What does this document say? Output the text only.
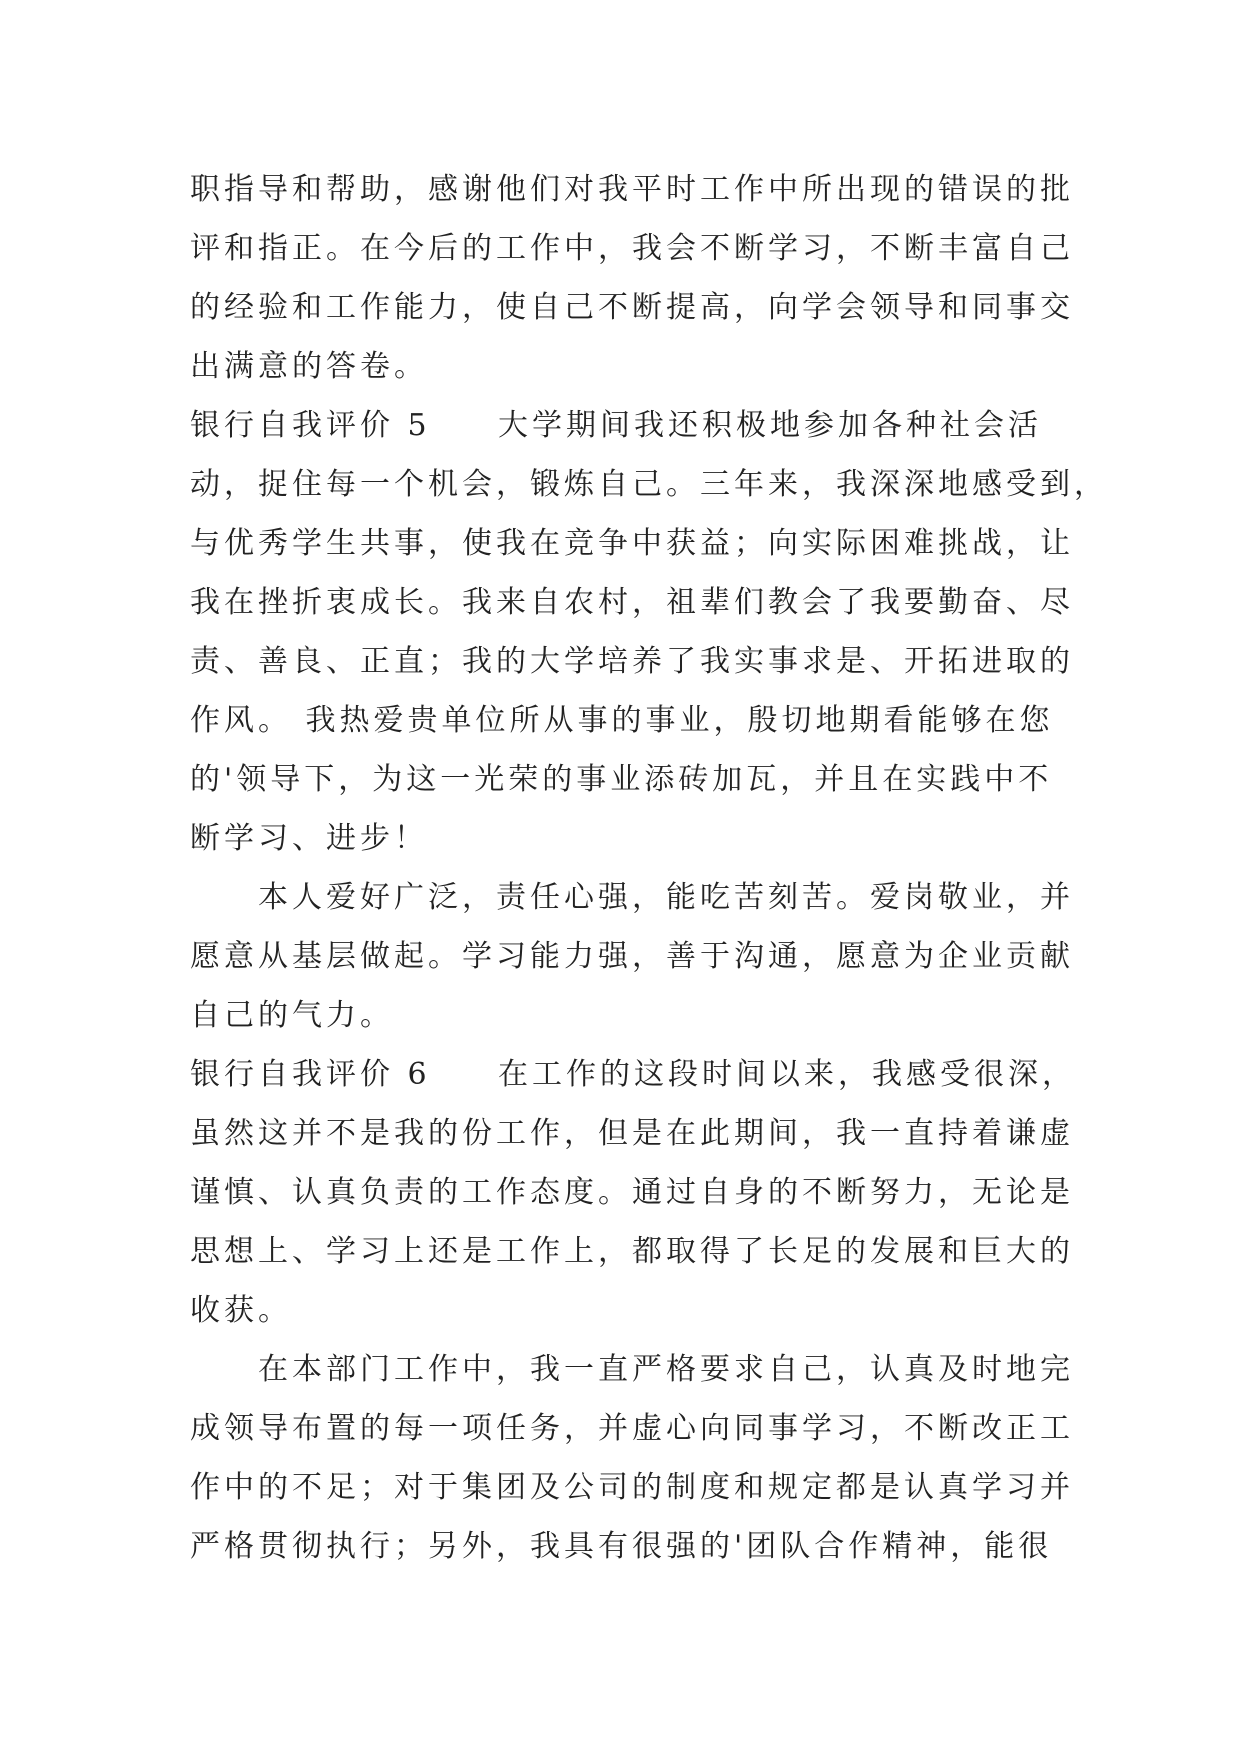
职指导和帮助，感谢他们对我平时工作中所出现的错误的批
评和指正。在今后的工作中，我会不断学习，不断丰富自己
的经验和工作能力，使自己不断提高，向学会领导和同事交
出满意的答卷。
银行自我评价 5 大学期间我还积极地参加各种社会活
动，捉住每一个机会，锻炼自己。三年来，我深深地感受到，
与优秀学生共事，使我在竞争中获益；向实际困难挑战，让
我在挫折衷成长。我来自农村，祖辈们教会了我要勤奋、尽
责、善良、正直；我的大学培养了我实事求是、开拓进取的
作风。 我热爱贵单位所从事的事业，殷切地期看能够在您
的'领导下，为这一光荣的事业添砖加瓦，并且在实践中不
断学习、进步！
　　本人爱好广泛，责任心强，能吃苦刻苦。爱岗敬业，并
愿意从基层做起。学习能力强，善于沟通，愿意为企业贡献
自己的气力。
银行自我评价 6 在工作的这段时间以来，我感受很深，
虽然这并不是我的份工作，但是在此期间，我一直持着谦虚
谨慎、认真负责的工作态度。通过自身的不断努力，无论是
思想上、学习上还是工作上，都取得了长足的发展和巨大的
收获。
　　在本部门工作中，我一直严格要求自己，认真及时地完
成领导布置的每一项任务，并虚心向同事学习，不断改正工
作中的不足；对于集团及公司的制度和规定都是认真学习并
严格贯彻执行；另外，我具有很强的'团队合作精神，能很
